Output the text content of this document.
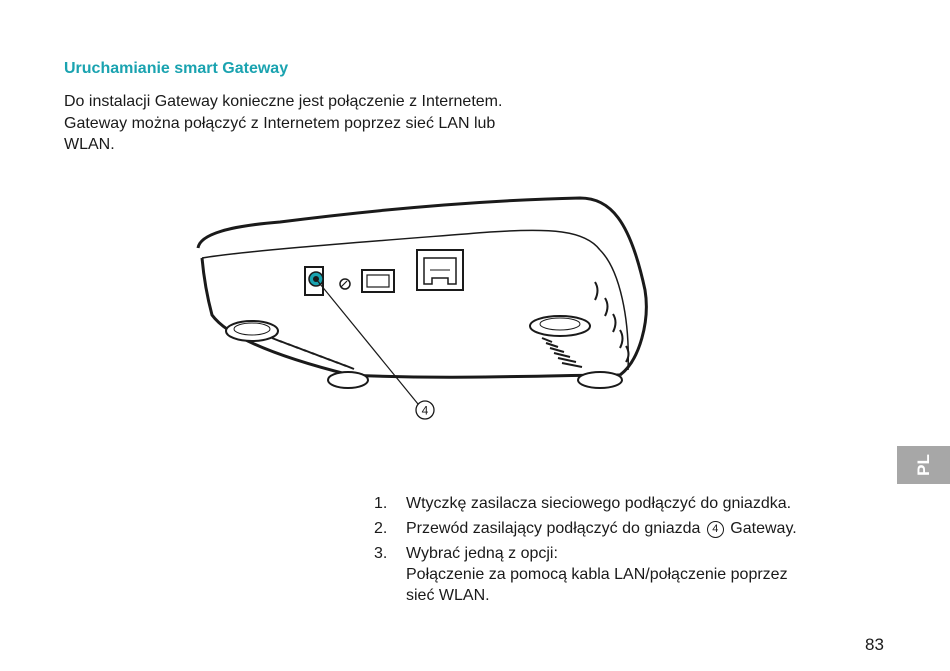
Uruchamianie smart Gateway

Do instalacji Gateway konieczne jest połączenie z Internetem.
Gateway można połączyć z Internetem poprzez sieć LAN lub
WLAN.

4
1. Wtyczkę zasilacza sieciowego podłączyć do gniazdka.
2. Przewód zasilający podłączyć do gniazda 4 Gateway.
3. Wybrać jedną z opcji:
Połączenie za pomocą kabla LAN/połączenie poprzez
sieć WLAN.
PL
83
